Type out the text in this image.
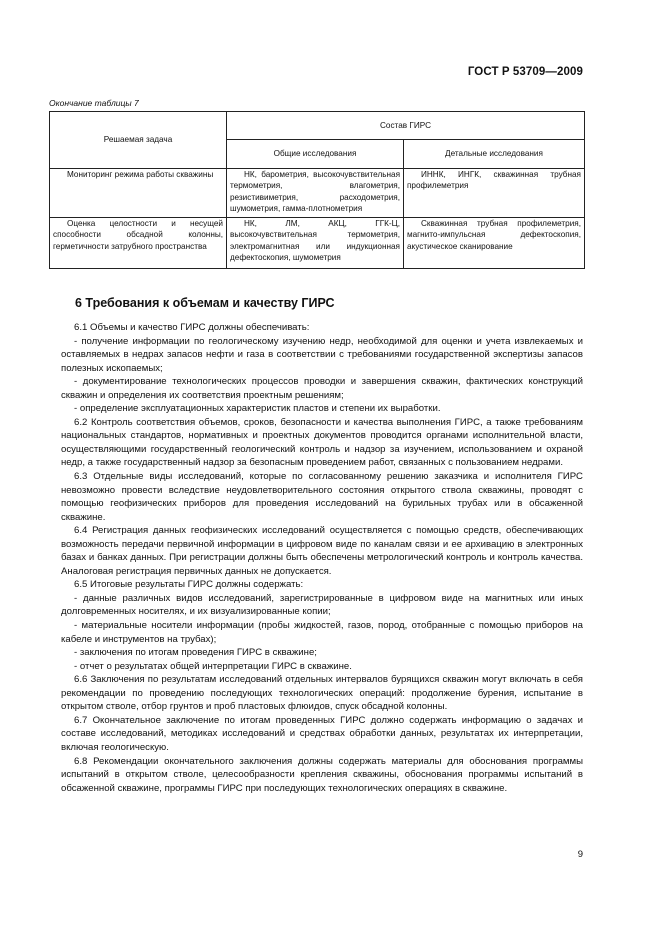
ГОСТ Р 53709—2009
Окончание таблицы 7
Решаемая задача	Состав ГИРС	
	Общие исследования	Детальные исследования
Мониторинг режима работы скважины	НК, барометрия, высокочувствительная термометрия, влагометрия, резистивиметрия, расходометрия, шумометрия, гамма-плотнометрия	ИННК, ИНГК, скважинная трубная профилеметрия
Оценка целостности и несущей способности обсадной колонны, герметичности затрубного пространства	НК, ЛМ, АКЦ, ГГК-Ц, высокочувствительная термометрия, электромагнитная или индукционная дефектоскопия, шумометрия	Скважинная трубная профилеметрия, магнито-импульсная дефектоскопия, акустическое сканирование
6 Требования к объемам и качеству ГИРС

6.1 Объемы и качество ГИРС должны обеспечивать:

- получение информации по геологическому изучению недр, необходимой для оценки и учета извлекаемых и оставляемых в недрах запасов нефти и газа в соответствии с требованиями государственной экспертизы запасов полезных ископаемых;

- документирование технологических процессов проводки и завершения скважин, фактических конструкций скважин и определения их соответствия проектным решениям;

- определение эксплуатационных характеристик пластов и степени их выработки.

6.2 Контроль соответствия объемов, сроков, безопасности и качества выполнения ГИРС, а также требованиям национальных стандартов, нормативных и проектных документов проводится органами исполнительной власти, осуществляющими государственный геологический контроль и надзор за изучением, использованием и охраной недр, а также государственный надзор за безопасным проведением работ, связанных с пользованием недрами.

6.3 Отдельные виды исследований, которые по согласованному решению заказчика и исполнителя ГИРС невозможно провести вследствие неудовлетворительного состояния открытого ствола скважины, проводят с помощью геофизических приборов для проведения исследований на бурильных трубах или в обсаженной скважине.

6.4 Регистрация данных геофизических исследований осуществляется с помощью средств, обеспечивающих возможность передачи первичной информации в цифровом виде по каналам связи и ее архивацию в электронных базах и банках данных. При регистрации должны быть обеспечены метрологический контроль и контроль качества. Аналоговая регистрация первичных данных не допускается.

6.5 Итоговые результаты ГИРС должны содержать:

- данные различных видов исследований, зарегистрированные в цифровом виде на магнитных или иных долговременных носителях, и их визуализированные копии;

- материальные носители информации (пробы жидкостей, газов, пород, отобранные с помощью приборов на кабеле и инструментов на трубах);

- заключения по итогам проведения ГИРС в скважине;

- отчет о результатах общей интерпретации ГИРС в скважине.

6.6 Заключения по результатам исследований отдельных интервалов бурящихся скважин могут включать в себя рекомендации по проведению последующих технологических операций: продолжение бурения, испытание в открытом стволе, отбор грунтов и проб пластовых флюидов, спуск обсадной колонны.

6.7 Окончательное заключение по итогам проведенных ГИРС должно содержать информацию о задачах и составе исследований, методиках исследований и средствах обработки данных, результатах их интерпретации, включая геологическую.

6.8 Рекомендации окончательного заключения должны содержать материалы для обоснования программы испытаний в открытом стволе, целесообразности крепления скважины, обоснования программы испытаний в обсаженной скважине, программы ГИРС при последующих технологических операциях в скважине.

9
